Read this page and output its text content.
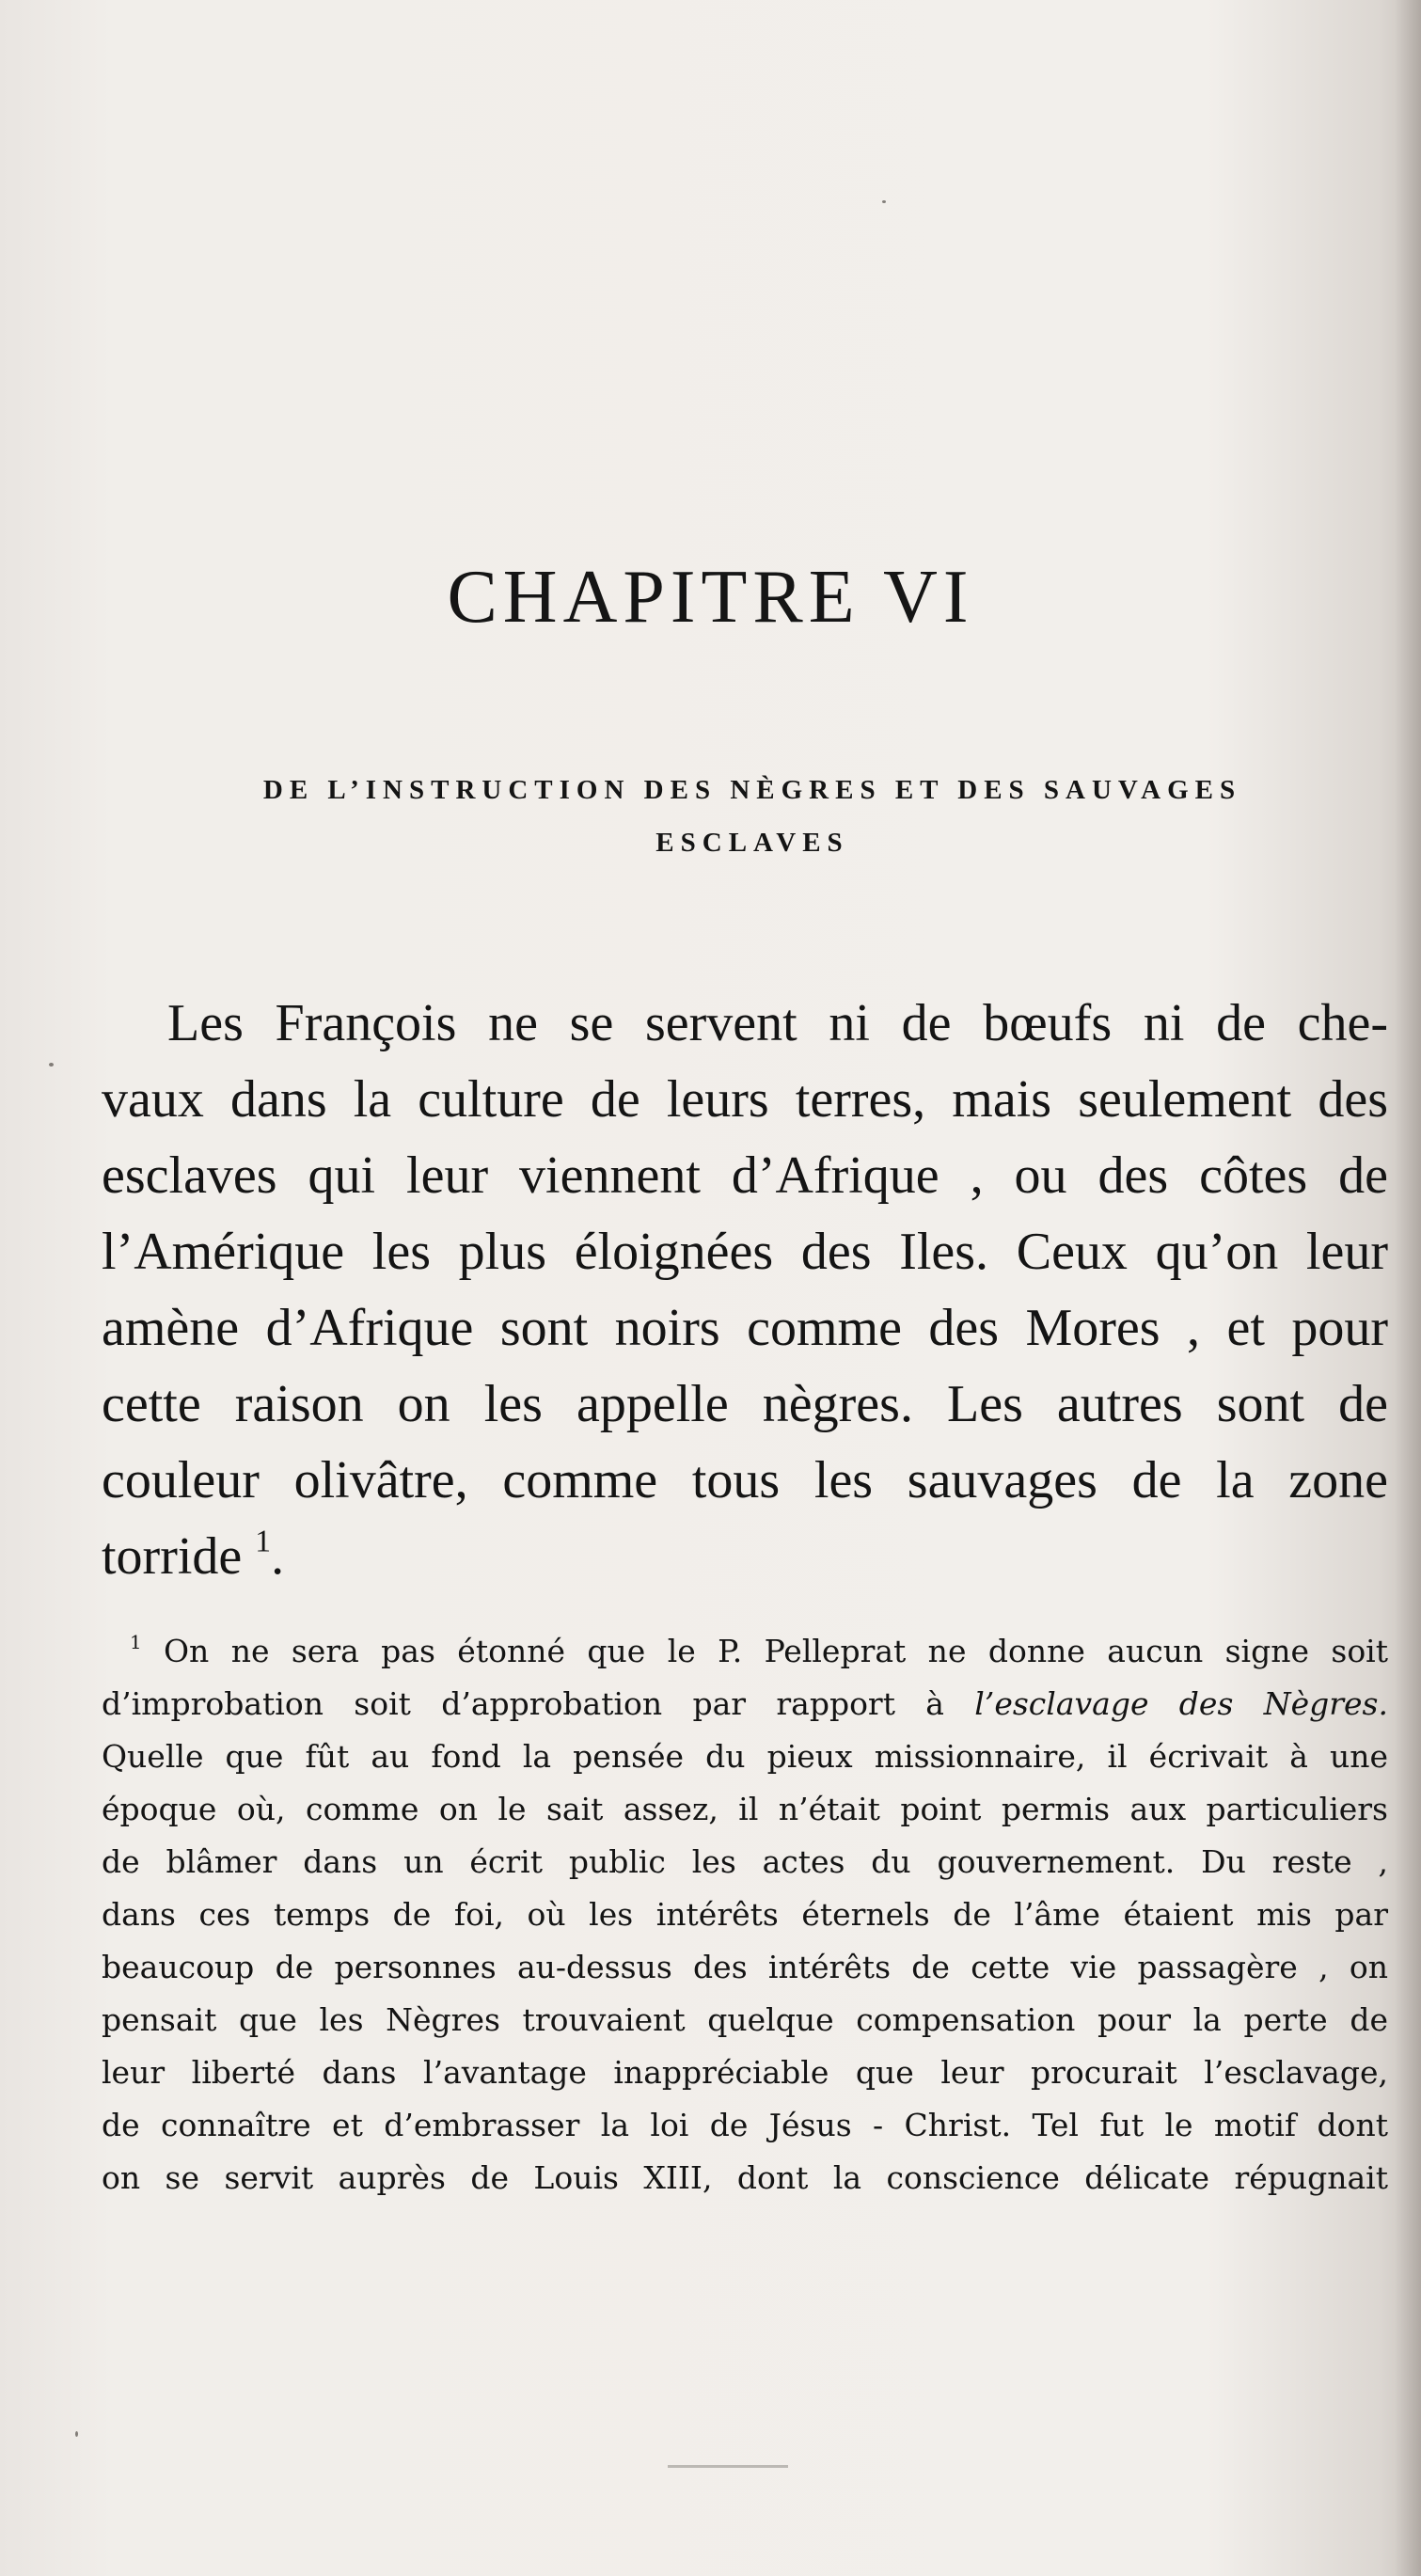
CHAPITRE VI
DE L’INSTRUCTION DES NÈGRES ET DES SAUVAGES
ESCLAVES
Les François ne se servent ni de bœufs ni de che-
vaux dans la culture de leurs terres, mais seulement des
esclaves qui leur viennent d’Afrique , ou des côtes de
l’Amérique les plus éloignées des Iles. Ceux qu’on leur
amène d’Afrique sont noirs comme des Mores , et pour
cette raison on les appelle nègres. Les autres sont de
couleur olivâtre, comme tous les sauvages de la zone
torride $^1$.
$^1$ On ne sera pas étonné que le P. Pelleprat ne donne aucun signe soit
d’improbation soit d’approbation par rapport à l’esclavage des Nègres.
Quelle que fût au fond la pensée du pieux missionnaire, il écrivait à une
époque où, comme on le sait assez, il n’était point permis aux particuliers
de blâmer dans un écrit public les actes du gouvernement. Du reste ,
dans ces temps de foi, où les intérêts éternels de l’âme étaient mis par
beaucoup de personnes au-dessus des intérêts de cette vie passagère , on
pensait que les Nègres trouvaient quelque compensation pour la perte de
leur liberté dans l’avantage inappréciable que leur procurait l’esclavage,
de connaître et d’embrasser la loi de Jésus - Christ. Tel fut le motif dont
on se servit auprès de Louis XIII, dont la conscience délicate répugnait
